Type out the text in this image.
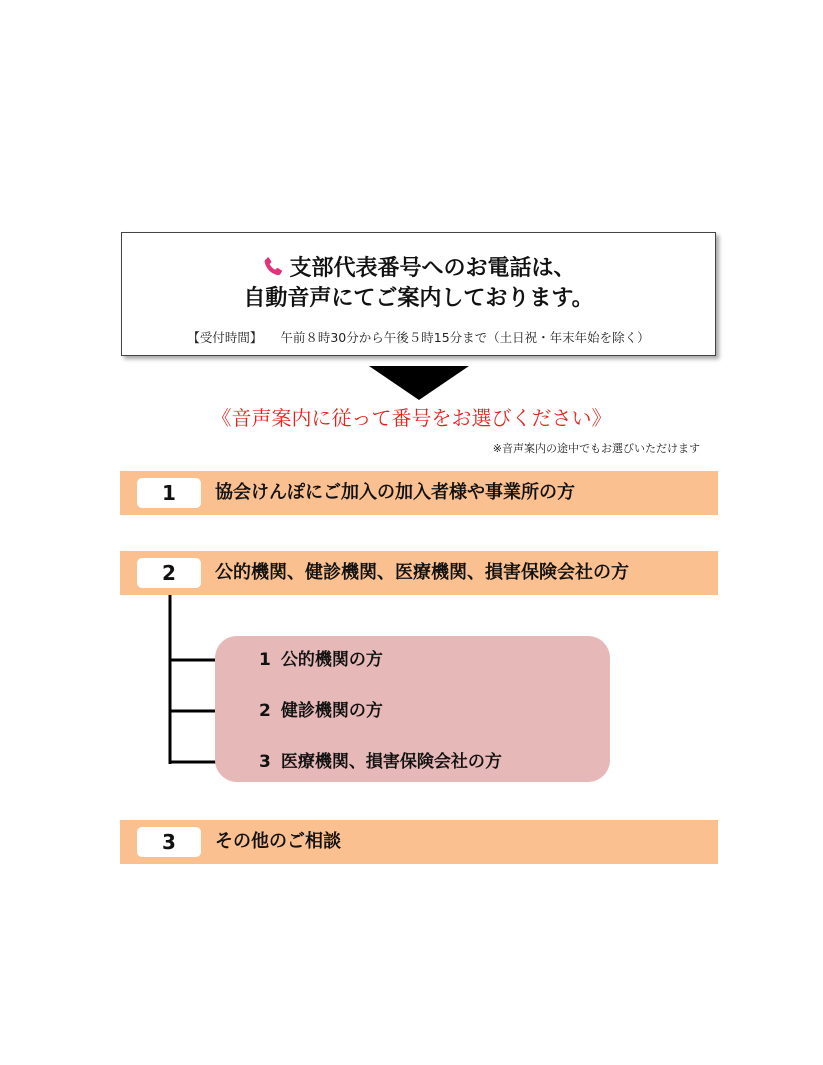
支部代表番号へのお電話は、
自動音声にてご案内しております。
【受付時間】 午前８時30分から午後５時15分まで（土日祝・年末年始を除く）
《音声案内に従って番号をお選びください》
※音声案内の途中でもお選びいただけます
1	協会けんぽにご加入の加入者様や事業所の方
2	公的機関、健診機関、医療機関、損害保険会社の方
1 公的機関の方
2 健診機関の方
3 医療機関、損害保険会社の方
3	その他のご相談
